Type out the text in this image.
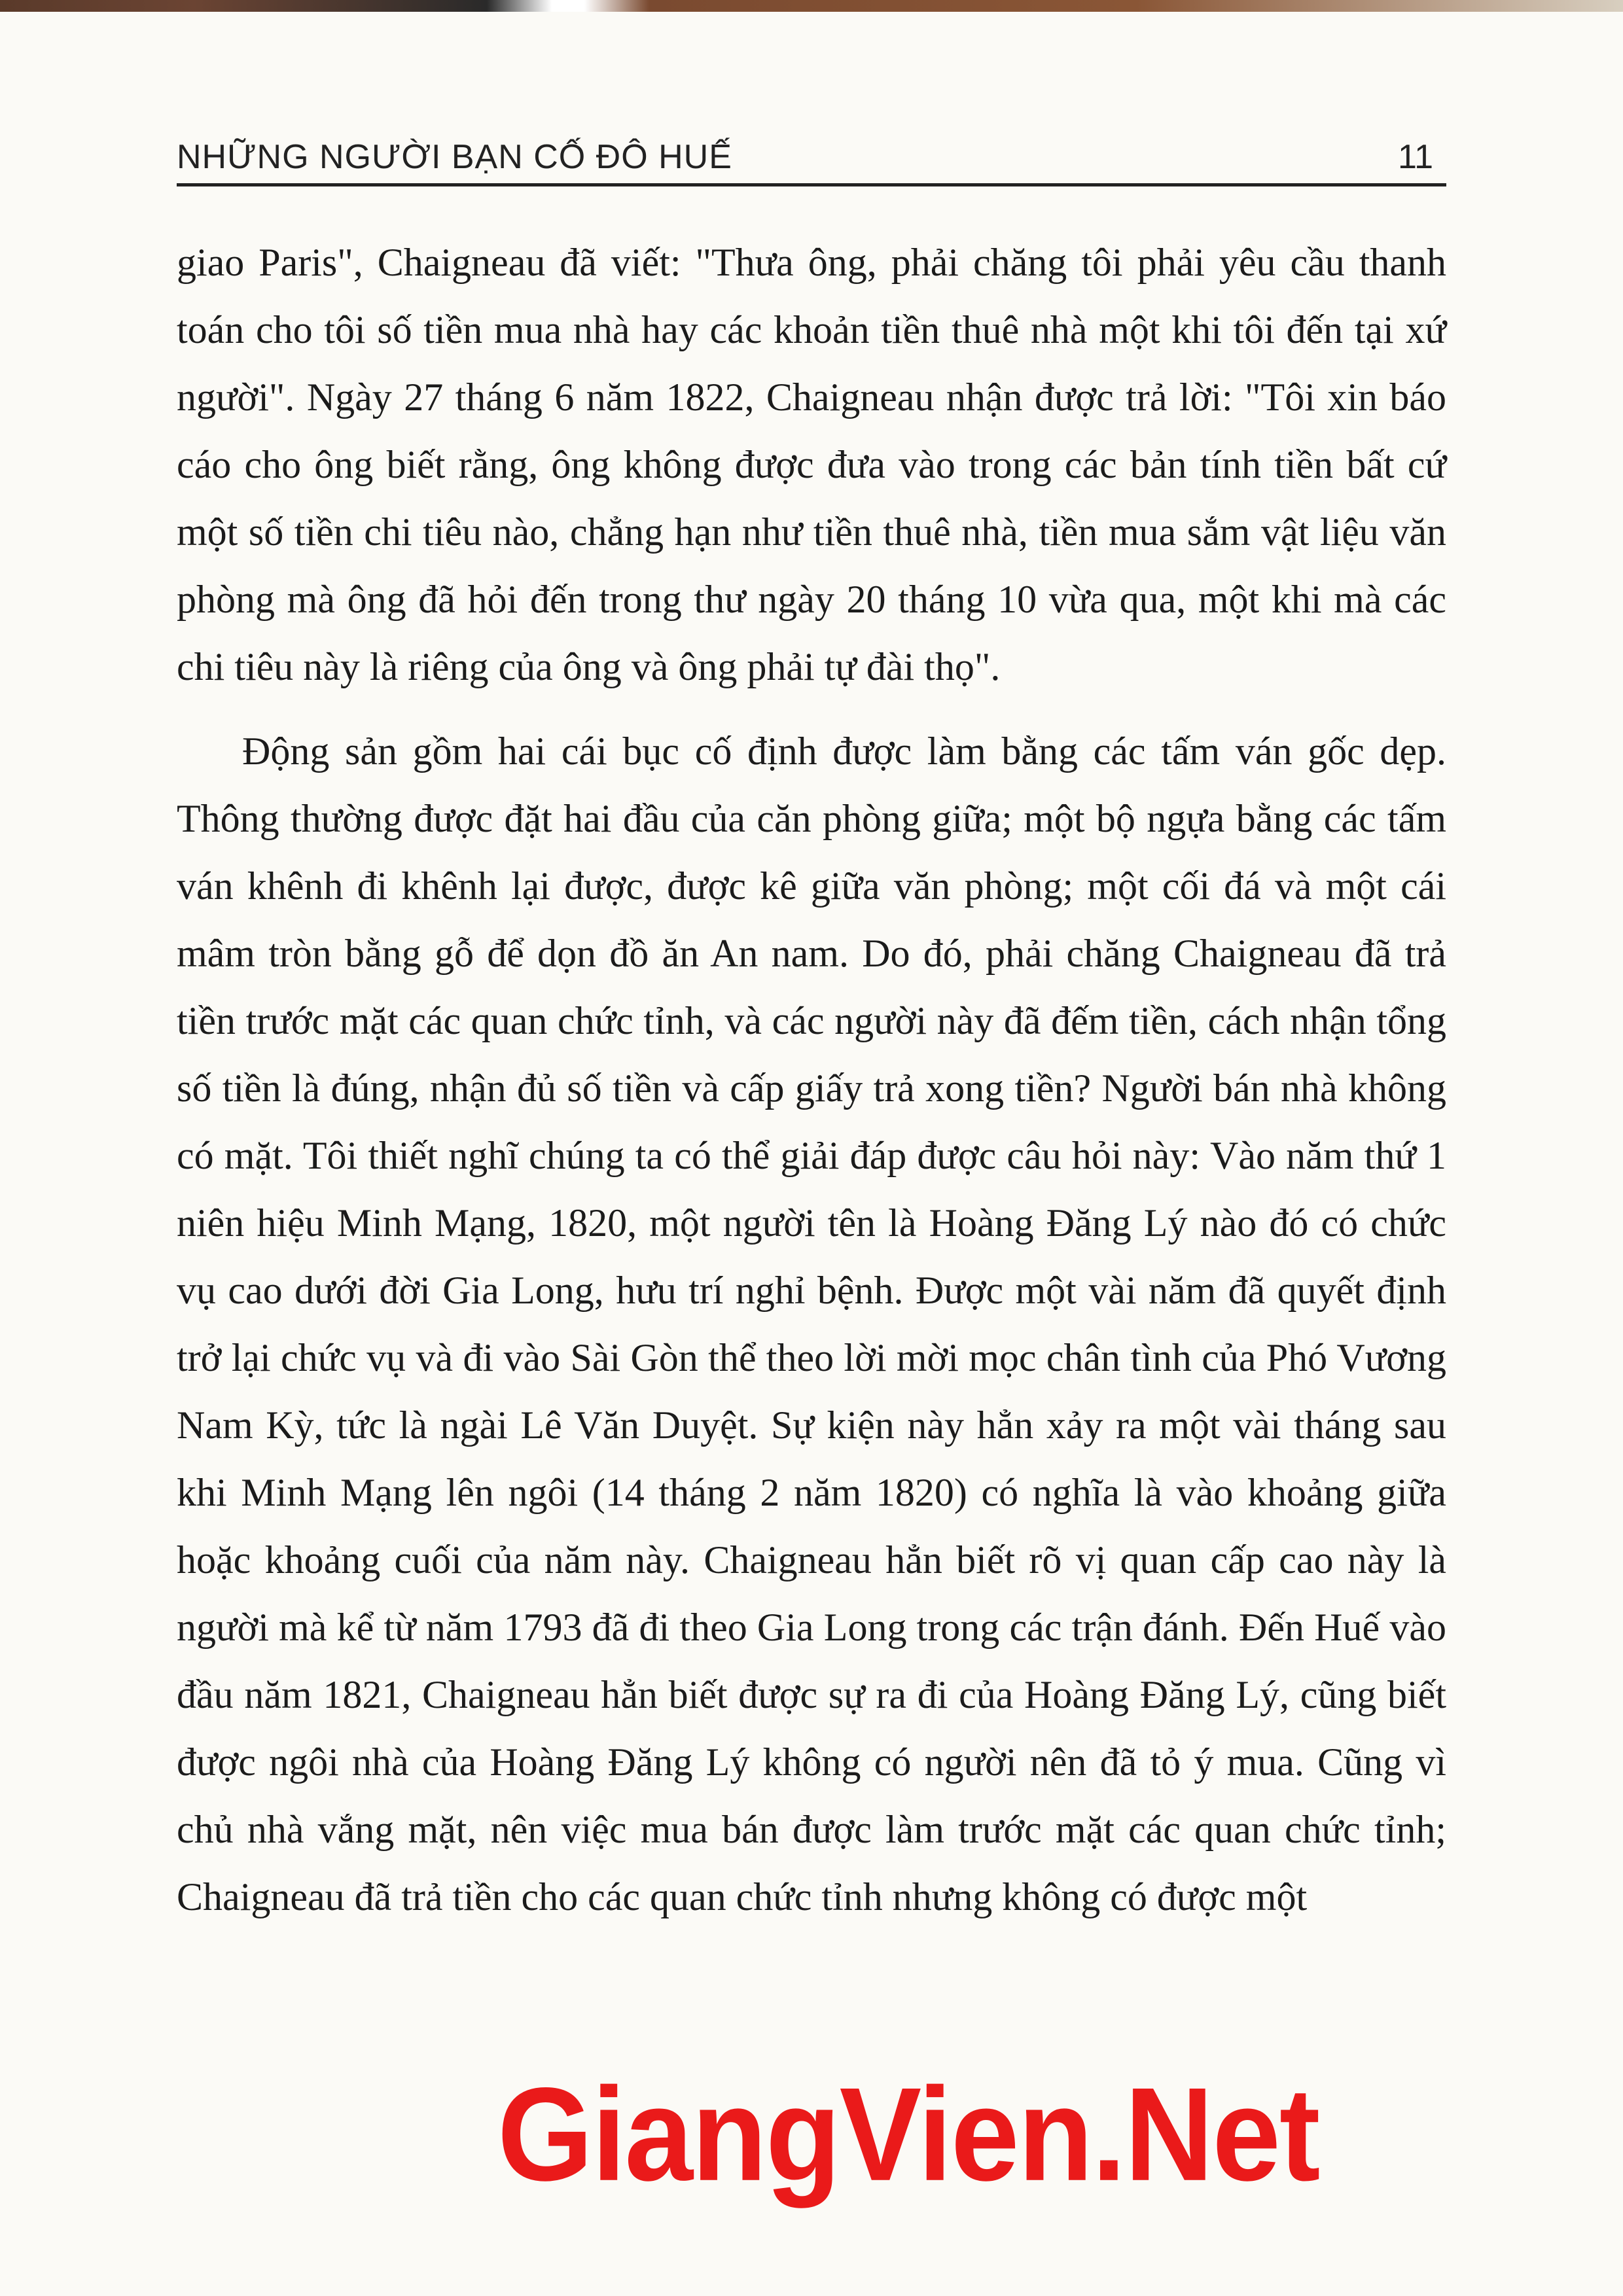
NHỮNG NGƯỜI BẠN CỐ ĐÔ HUẾ	11

giao Paris", Chaigneau đã viết: "Thưa ông, phải chăng tôi phải yêu cầu thanh toán cho tôi số tiền mua nhà hay các khoản tiền thuê nhà một khi tôi đến tại xứ người". Ngày 27 tháng 6 năm 1822, Chaigneau nhận được trả lời: "Tôi xin báo cáo cho ông biết rằng, ông không được đưa vào trong các bản tính tiền bất cứ một số tiền chi tiêu nào, chẳng hạn như tiền thuê nhà, tiền mua sắm vật liệu văn phòng mà ông đã hỏi đến trong thư ngày 20 tháng 10 vừa qua, một khi mà các chi tiêu này là riêng của ông và ông phải tự đài thọ".

Động sản gồm hai cái bục cố định được làm bằng các tấm ván gốc dẹp. Thông thường được đặt hai đầu của căn phòng giữa; một bộ ngựa bằng các tấm ván khênh đi khênh lại được, được kê giữa văn phòng; một cối đá và một cái mâm tròn bằng gỗ để dọn đồ ăn An nam. Do đó, phải chăng Chaigneau đã trả tiền trước mặt các quan chức tỉnh, và các người này đã đếm tiền, cách nhận tổng số tiền là đúng, nhận đủ số tiền và cấp giấy trả xong tiền? Người bán nhà không có mặt. Tôi thiết nghĩ chúng ta có thể giải đáp được câu hỏi này: Vào năm thứ 1 niên hiệu Minh Mạng, 1820, một người tên là Hoàng Đăng Lý nào đó có chức vụ cao dưới đời Gia Long, hưu trí nghỉ bệnh. Được một vài năm đã quyết định trở lại chức vụ và đi vào Sài Gòn thể theo lời mời mọc chân tình của Phó Vương Nam Kỳ, tức là ngài Lê Văn Duyệt. Sự kiện này hẳn xảy ra một vài tháng sau khi Minh Mạng lên ngôi (14 tháng 2 năm 1820) có nghĩa là vào khoảng giữa hoặc khoảng cuối của năm này. Chaigneau hẳn biết rõ vị quan cấp cao này là người mà kể từ năm 1793 đã đi theo Gia Long trong các trận đánh. Đến Huế vào đầu năm 1821, Chaigneau hẳn biết được sự ra đi của Hoàng Đăng Lý, cũng biết được ngôi nhà của Hoàng Đăng Lý không có người nên đã tỏ ý mua. Cũng vì chủ nhà vắng mặt, nên việc mua bán được làm trước mặt các quan chức tỉnh; Chaigneau đã trả tiền cho các quan chức tỉnh nhưng không có được một

GiangVien.Net
